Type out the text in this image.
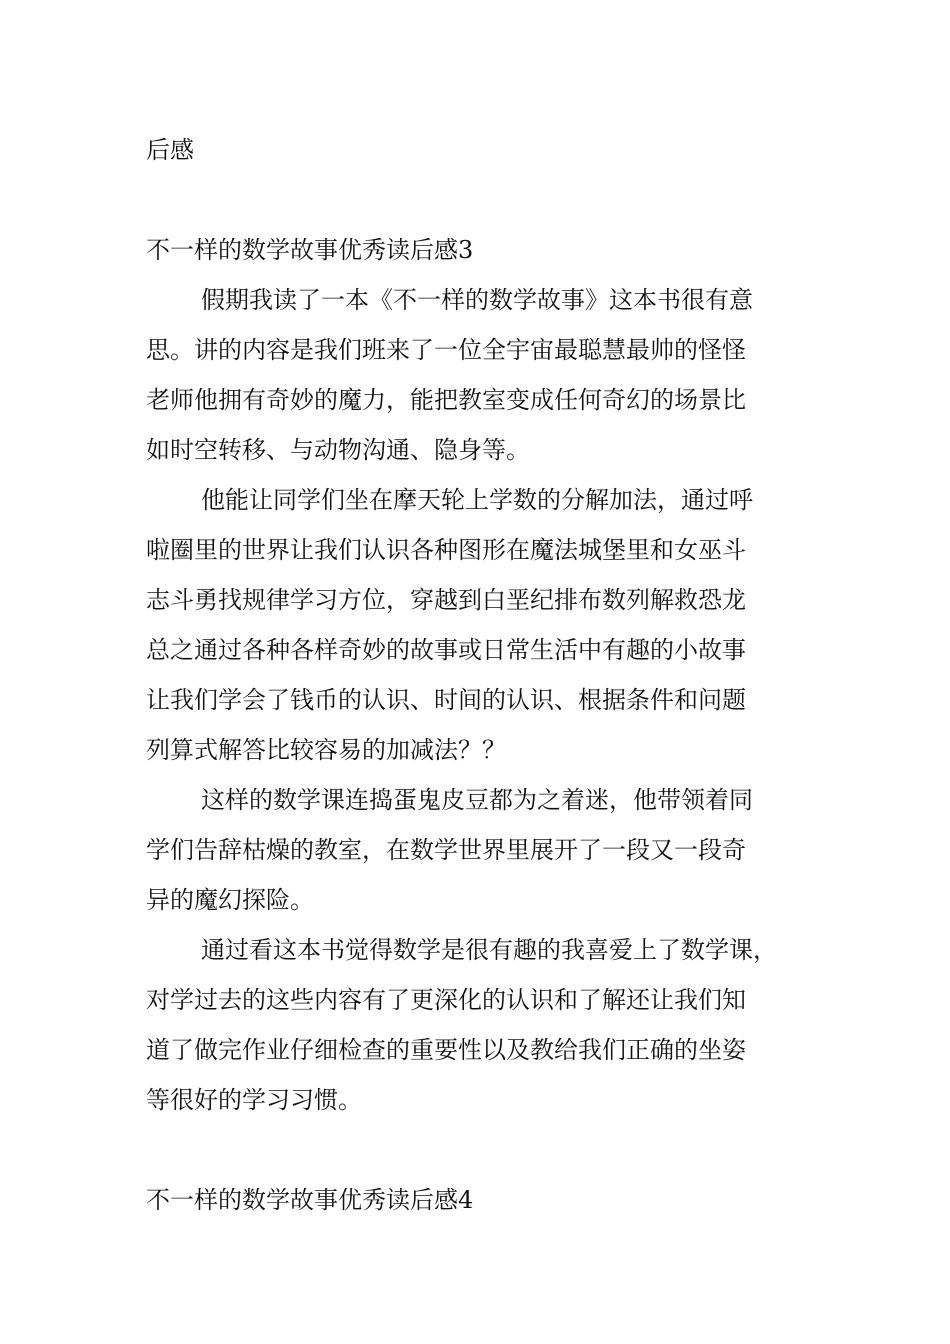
后感

不一样的数学故事优秀读后感3

假期我读了一本《不一样的数学故事》这本书很有意

思。讲的内容是我们班来了一位全宇宙最聪慧最帅的怪怪

老师他拥有奇妙的魔力，能把教室变成任何奇幻的场景比

如时空转移、与动物沟通、隐身等。

他能让同学们坐在摩天轮上学数的分解加法，通过呼

啦圈里的世界让我们认识各种图形在魔法城堡里和女巫斗

志斗勇找规律学习方位，穿越到白垩纪排布数列解救恐龙

总之通过各种各样奇妙的故事或日常生活中有趣的小故事

让我们学会了钱币的认识、时间的认识、根据条件和问题

列算式解答比较容易的加减法？？

这样的数学课连捣蛋鬼皮豆都为之着迷，他带领着同

学们告辞枯燥的教室，在数学世界里展开了一段又一段奇

异的魔幻探险。

通过看这本书觉得数学是很有趣的我喜爱上了数学课，

对学过去的这些内容有了更深化的认识和了解还让我们知

道了做完作业仔细检查的重要性以及教给我们正确的坐姿

等很好的学习习惯。

不一样的数学故事优秀读后感4
